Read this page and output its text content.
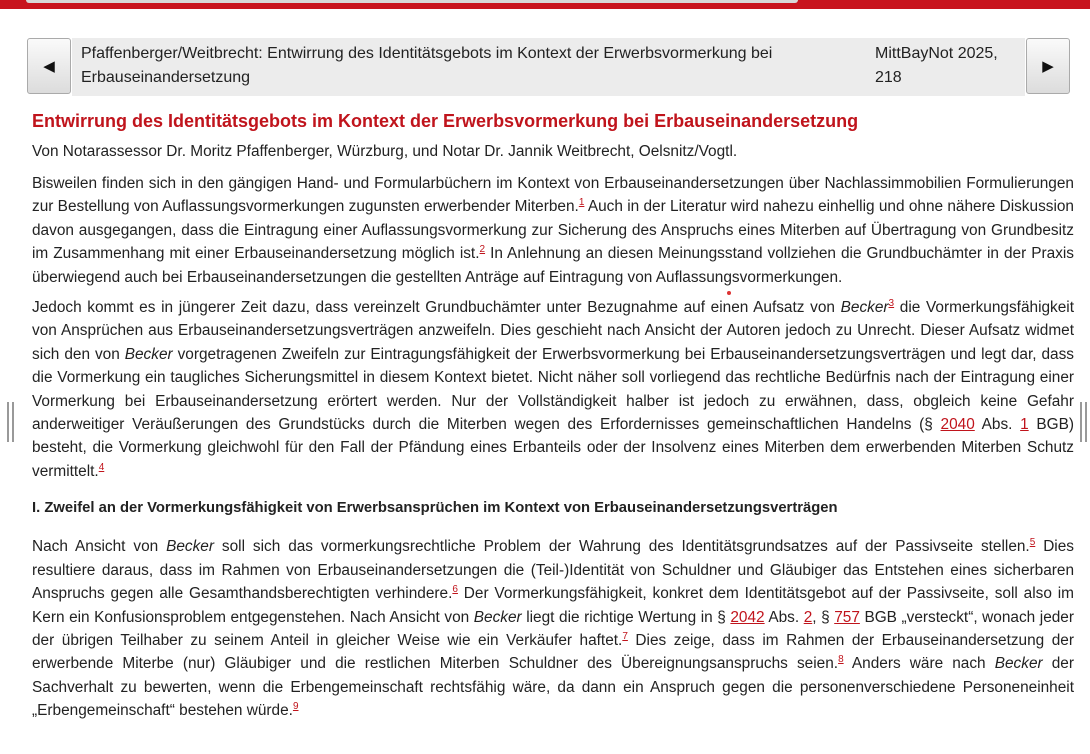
◀
Pfaffenberger/Weitbrecht: Entwirrung des Identitätsgebots im Kontext der Erwerbsvormerkung bei Erbauseinandersetzung
MittBayNot 2025, 218
▶
Entwirrung des Identitätsgebots im Kontext der Erwerbsvormerkung bei Erbauseinandersetzung
Von Notarassessor Dr. Moritz Pfaffenberger, Würzburg, und Notar Dr. Jannik Weitbrecht, Oelsnitz/Vogtl.

Bisweilen finden sich in den gängigen Hand- und Formularbüchern im Kontext von Erbauseinandersetzungen über Nachlassimmobilien Formulierungen zur Bestellung von Auflassungsvormerkungen zugunsten erwerbender Miterben.$^1$ Auch in der Literatur wird nahezu einhellig und ohne nähere Diskussion davon ausgegangen, dass die Eintragung einer Auflassungsvormerkung zur Sicherung des Anspruchs eines Miterben auf Übertragung von Grundbesitz im Zusammenhang mit einer Erbauseinandersetzung möglich ist.$^2$ In Anlehnung an diesen Meinungsstand vollziehen die Grundbuchämter in der Praxis überwiegend auch bei Erbauseinandersetzungen die gestellten Anträge auf Eintragung von Auflassungsvormerkungen.

Jedoch kommt es in jüngerer Zeit dazu, dass vereinzelt Grundbuchämter unter Bezugnahme auf einen Aufsatz von Becker$^3$ die Vormerkungsfähigkeit von Ansprüchen aus Erbauseinandersetzungsverträgen anzweifeln. Dies geschieht nach Ansicht der Autoren jedoch zu Unrecht. Dieser Aufsatz widmet sich den von Becker vorgetragenen Zweifeln zur Eintragungsfähigkeit der Erwerbsvormerkung bei Erbauseinandersetzungsverträgen und legt dar, dass die Vormerkung ein taugliches Sicherungsmittel in diesem Kontext bietet. Nicht näher soll vorliegend das rechtliche Bedürfnis nach der Eintragung einer Vormerkung bei Erbauseinandersetzung erörtert werden. Nur der Vollständigkeit halber ist jedoch zu erwähnen, dass, obgleich keine Gefahr anderweitiger Veräußerungen des Grundstücks durch die Miterben wegen des Erfordernisses gemeinschaftlichen Handelns (§ 2040 Abs. 1 BGB) besteht, die Vormerkung gleichwohl für den Fall der Pfändung eines Erbanteils oder der Insolvenz eines Miterben dem erwerbenden Miterben Schutz vermittelt.$^4$

I. Zweifel an der Vormerkungsfähigkeit von Erwerbsansprüchen im Kontext von Erbauseinandersetzungsverträgen

Nach Ansicht von Becker soll sich das vormerkungsrechtliche Problem der Wahrung des Identitätsgrundsatzes auf der Passivseite stellen.$^5$ Dies resultiere daraus, dass im Rahmen von Erbauseinandersetzungen die (Teil-)Identität von Schuldner und Gläubiger das Entstehen eines sicherbaren Anspruchs gegen alle Gesamthandsberechtigten verhindere.$^6$ Der Vormerkungsfähigkeit, konkret dem Identitätsgebot auf der Passivseite, soll also im Kern ein Konfusionsproblem entgegenstehen. Nach Ansicht von Becker liegt die richtige Wertung in § 2042 Abs. 2, § 757 BGB „versteckt“, wonach jeder der übrigen Teilhaber zu seinem Anteil in gleicher Weise wie ein Verkäufer haftet.$^7$ Dies zeige, dass im Rahmen der Erbauseinandersetzung der erwerbende Miterbe (nur) Gläubiger und die restlichen Miterben Schuldner des Übereignungsanspruchs seien.$^8$ Anders wäre nach Becker der Sachverhalt zu bewerten, wenn die Erbengemeinschaft rechtsfähig wäre, da dann ein Anspruch gegen die personenverschiedene Personeneinheit „Erbengemeinschaft“ bestehen würde.$^9$
